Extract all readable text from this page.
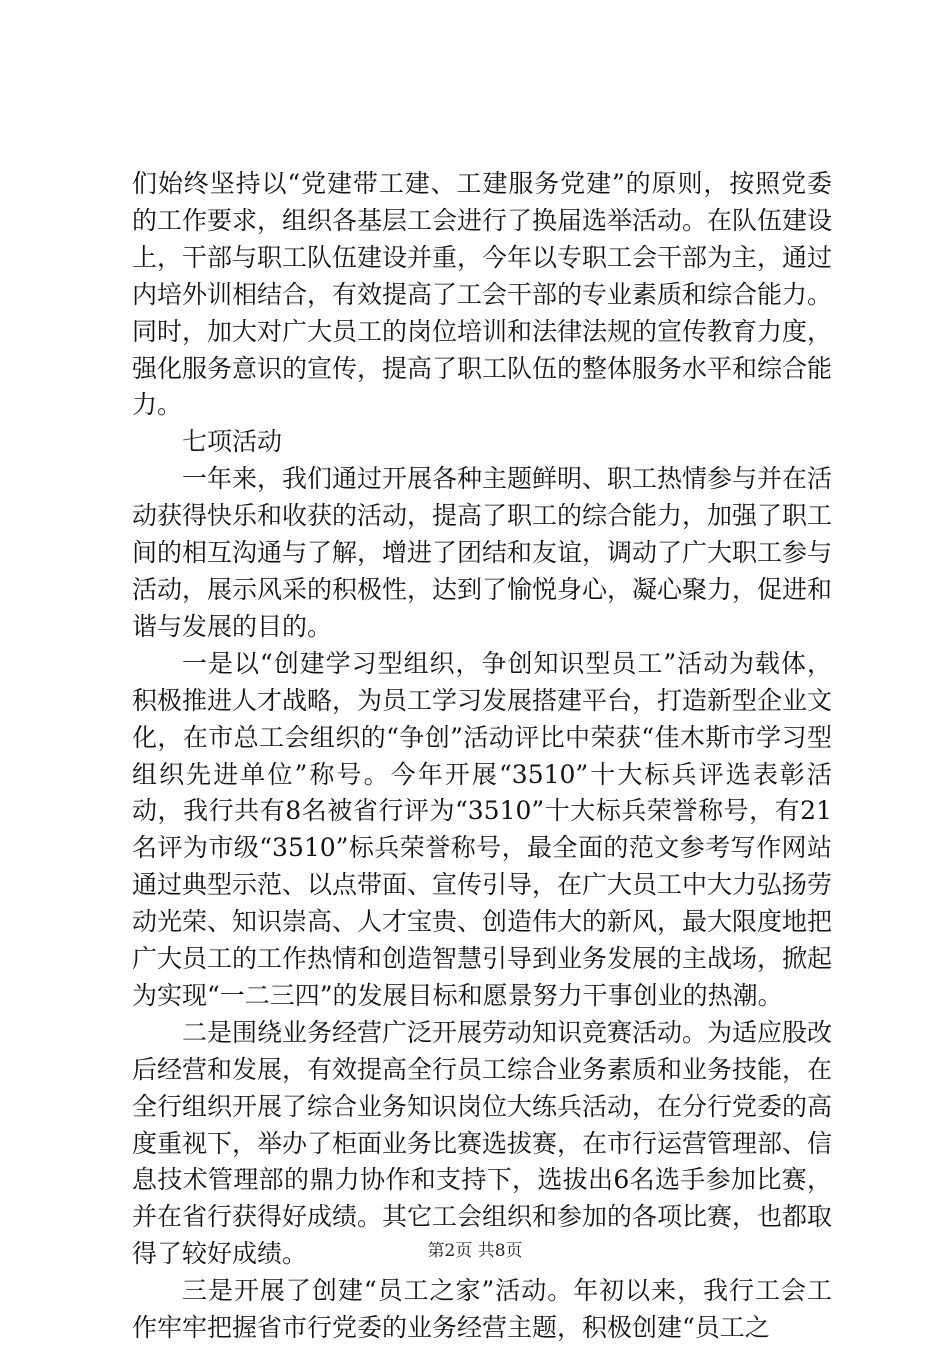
们始终坚持以“党建带工建、工建服务党建”的原则，按照党委的工作要求，组织各基层工会进行了换届选举活动。在队伍建设上，干部与职工队伍建设并重，今年以专职工会干部为主，通过内培外训相结合，有效提高了工会干部的专业素质和综合能力。同时，加大对广大员工的岗位培训和法律法规的宣传教育力度，强化服务意识的宣传，提高了职工队伍的整体服务水平和综合能力。

七项活动

一年来，我们通过开展各种主题鲜明、职工热情参与并在活动获得快乐和收获的活动，提高了职工的综合能力，加强了职工间的相互沟通与了解，增进了团结和友谊，调动了广大职工参与活动，展示风采的积极性，达到了愉悦身心，凝心聚力，促进和谐与发展的目的。

一是以“创建学习型组织，争创知识型员工”活动为载体，积极推进人才战略，为员工学习发展搭建平台，打造新型企业文化，在市总工会组织的“争创”活动评比中荣获“佳木斯市学习型组织先进单位”称号。今年开展“3510”十大标兵评选表彰活动，我行共有8名被省行评为“3510”十大标兵荣誉称号，有21名评为市级“3510”标兵荣誉称号，最全面的范文参考写作网站通过典型示范、以点带面、宣传引导，在广大员工中大力弘扬劳动光荣、知识崇高、人才宝贵、创造伟大的新风，最大限度地把广大员工的工作热情和创造智慧引导到业务发展的主战场，掀起为实现“一二三四”的发展目标和愿景努力干事创业的热潮。

二是围绕业务经营广泛开展劳动知识竞赛活动。为适应股改后经营和发展，有效提高全行员工综合业务素质和业务技能，在全行组织开展了综合业务知识岗位大练兵活动，在分行党委的高度重视下，举办了柜面业务比赛选拔赛，在市行运营管理部、信息技术管理部的鼎力协作和支持下，选拔出6名选手参加比赛，并在省行获得好成绩。其它工会组织和参加的各项比赛，也都取得了较好成绩。

三是开展了创建“员工之家”活动。年初以来，我行工会工作牢牢把握省市行党委的业务经营主题，积极创建“员工之

第2页 共8页
